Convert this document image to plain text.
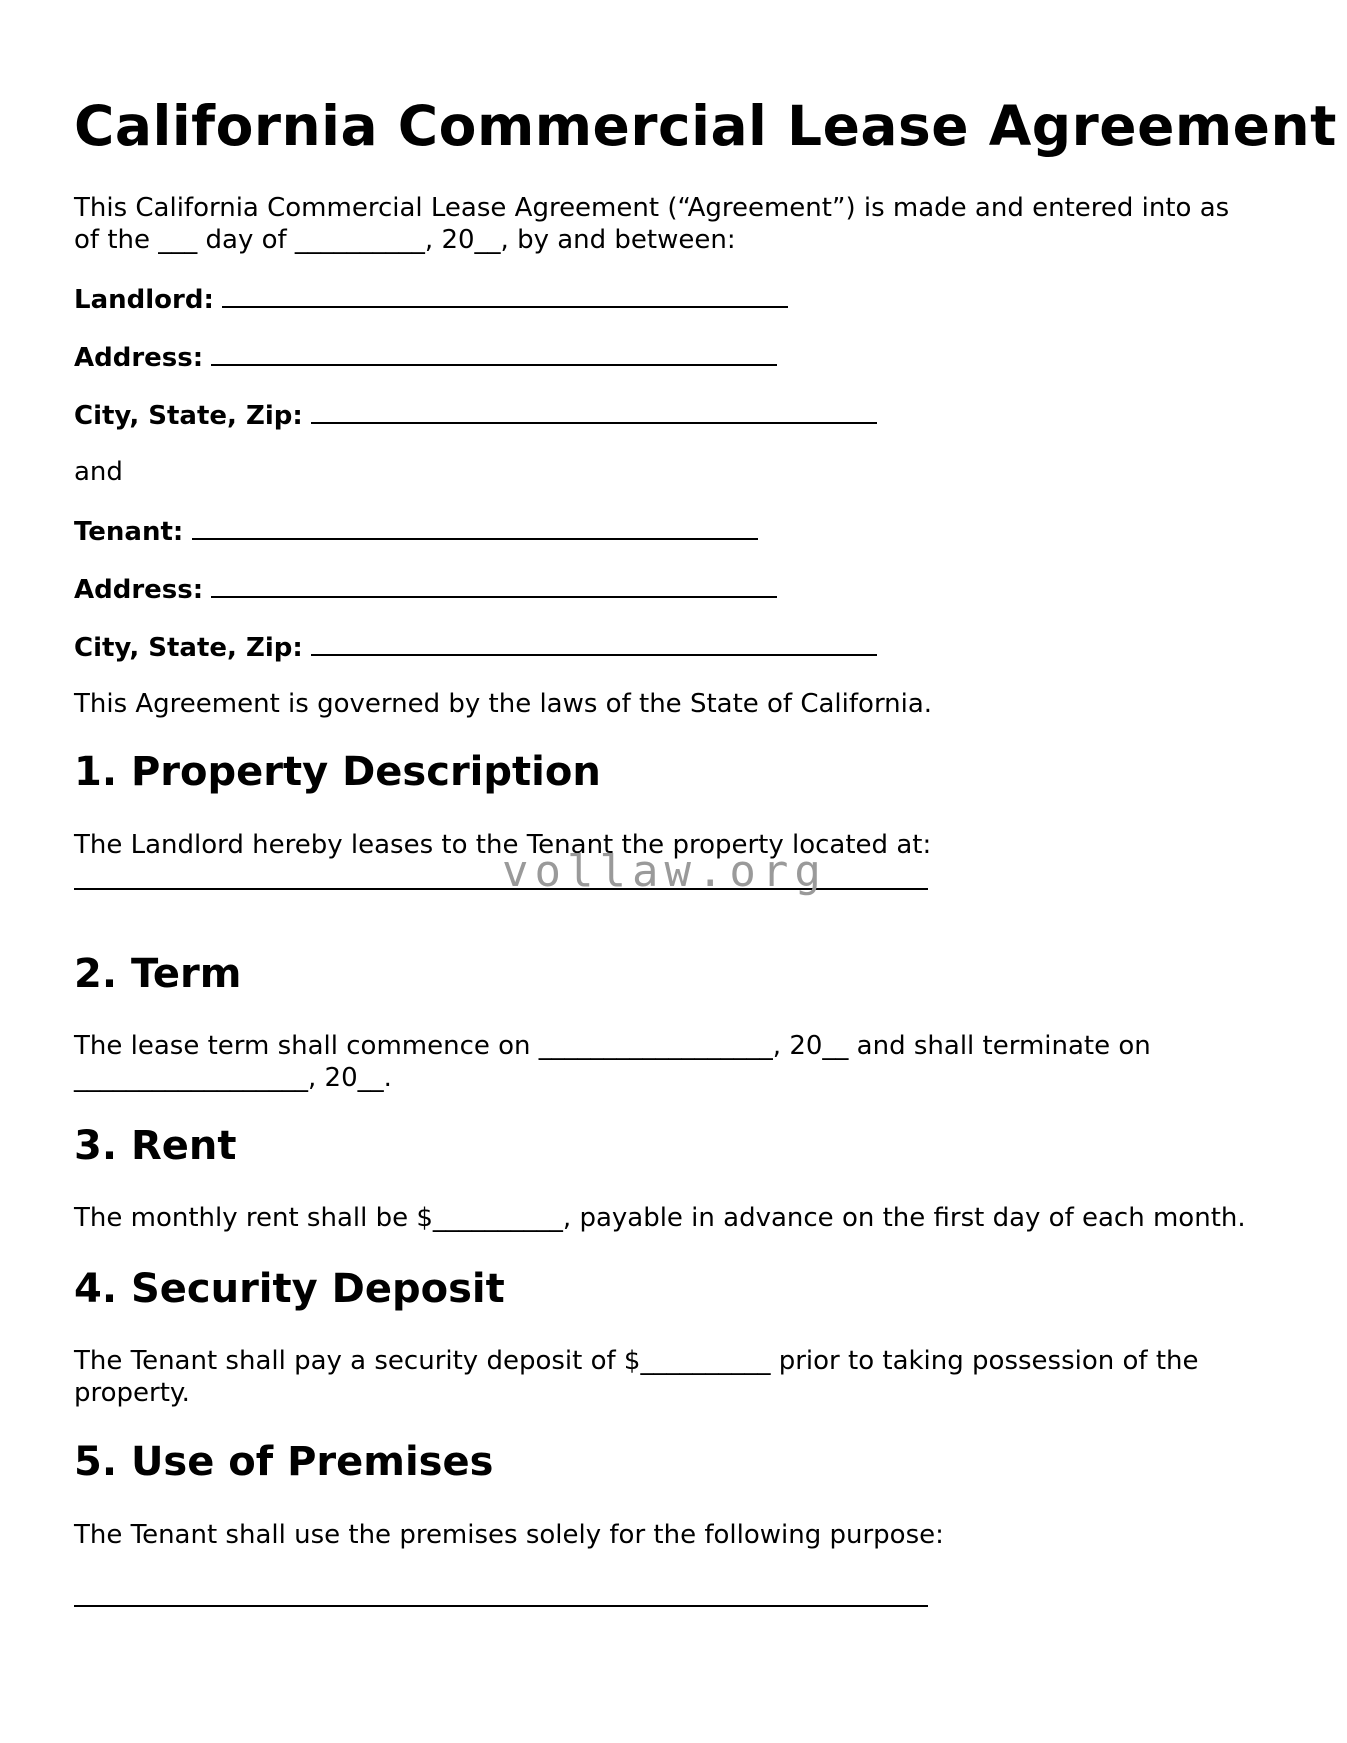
California Commercial Lease Agreement

This California Commercial Lease Agreement (“Agreement”) is made and entered into as

of the ___ day of __________, 20__, by and between:

Landlord:

Address:

City, State, Zip:

and

Tenant:

Address:

City, State, Zip:

This Agreement is governed by the laws of the State of California.

1. Property Description

The Landlord hereby leases to the Tenant the property located at:

2. Term

The lease term shall commence on __________________, 20__ and shall terminate on

__________________, 20__.

3. Rent

The monthly rent shall be $__________, payable in advance on the first day of each month.

4. Security Deposit

The Tenant shall pay a security deposit of $__________ prior to taking possession of the

property.

5. Use of Premises

The Tenant shall use the premises solely for the following purpose:

vollaw.org
